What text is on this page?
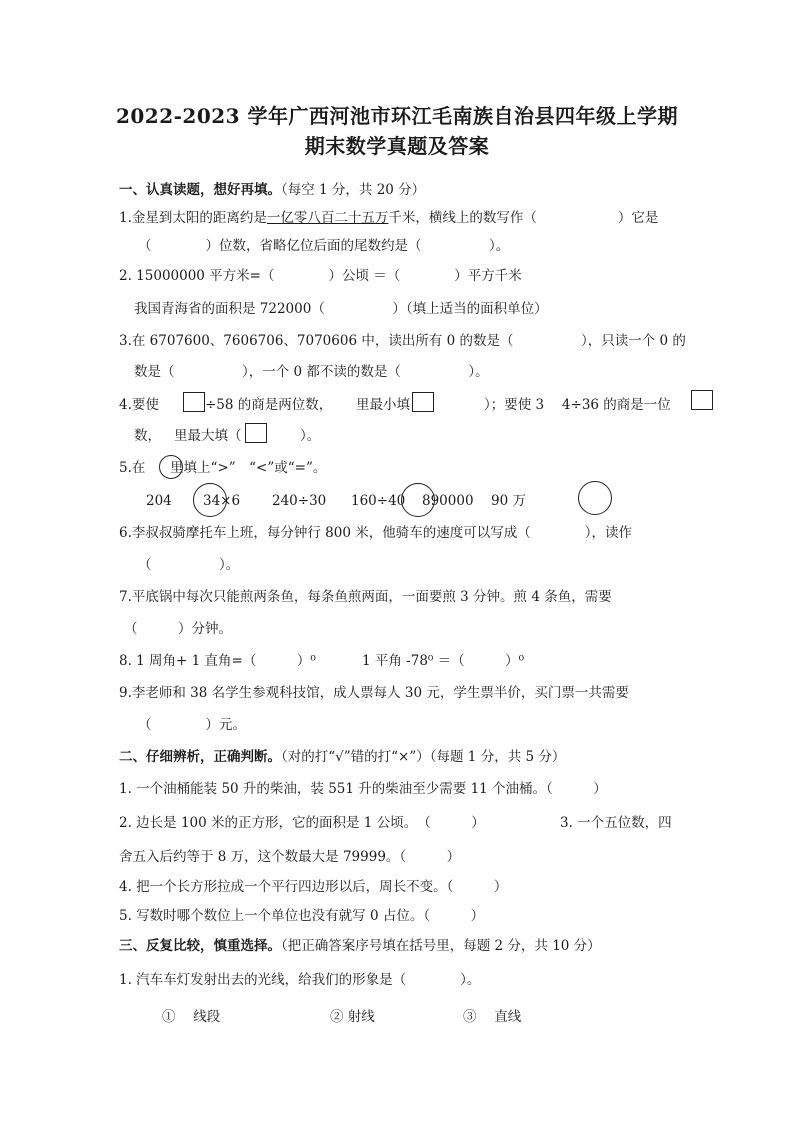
2022-2023 学年广西河池市环江毛南族自治县四年级上学期
期末数学真题及答案
一、认真读题，想好再填。（每空 1 分，共 20 分）
1.金星到太阳的距离约是一亿零八百二十五万千米，横线上的数写作（　　　　　　）它是
（　　　　）位数，省略亿位后面的尾数约是（　　　　　）。
2. 15000000 平方米=（　　　　）公顷 ＝（　　　　）平方千米
我国青海省的面积是 722000（　　　　　）（填上适当的面积单位）
3.在 6707600、7606706、7070606 中，读出所有 0 的数是（　　　　　），只读一个 0 的
数是（　　　　　），一个 0 都不读的数是（　　　　　）。
4.要使	÷58 的商是两位数， 里最小填	）；要使 3　 4÷36 的商是一位
数， 里最大填（	）。
5.在 里填上“>”　“<”或“=”。
204 34×6 240÷30 160÷40 890000 90 万
6.李叔叔骑摩托车上班，每分钟行 800 米，他骑车的速度可以写成（　　　　），读作
（　　　　　）。
7.平底锅中每次只能煎两条鱼，每条鱼煎两面，一面要煎 3 分钟。煎 4 条鱼，需要
（　　　）分钟。
8. 1 周角+ 1 直角=（　　　）⁰	1 平角 -78⁰ ＝（　　　）⁰
9.李老师和 38 名学生参观科技馆，成人票每人 30 元，学生票半价，买门票一共需要
（　　　　）元。
二、仔细辨析，正确判断。（对的打“√”错的打“×”）（每题 1 分，共 5 分）
1. 一个油桶能装 50 升的柴油，装 551 升的柴油至少需要 11 个油桶。（　　　）
2. 边长是 100 米的正方形，它的面积是 1 公顷。　（　　　）	3. 一个五位数，四
舍五入后约等于 8 万，这个数最大是 79999。（　　　）
4. 把一个长方形拉成一个平行四边形以后，周长不变。（　　　）
5. 写数时哪个数位上一个单位也没有就写 0 占位。（　　　）
三、反复比较，慎重选择。（把正确答案序号填在括号里，每题 2 分，共 10 分）
1. 汽车车灯发射出去的光线，给我们的形象是（　　　　）。
①　 线段	② 射线	③　 直线
